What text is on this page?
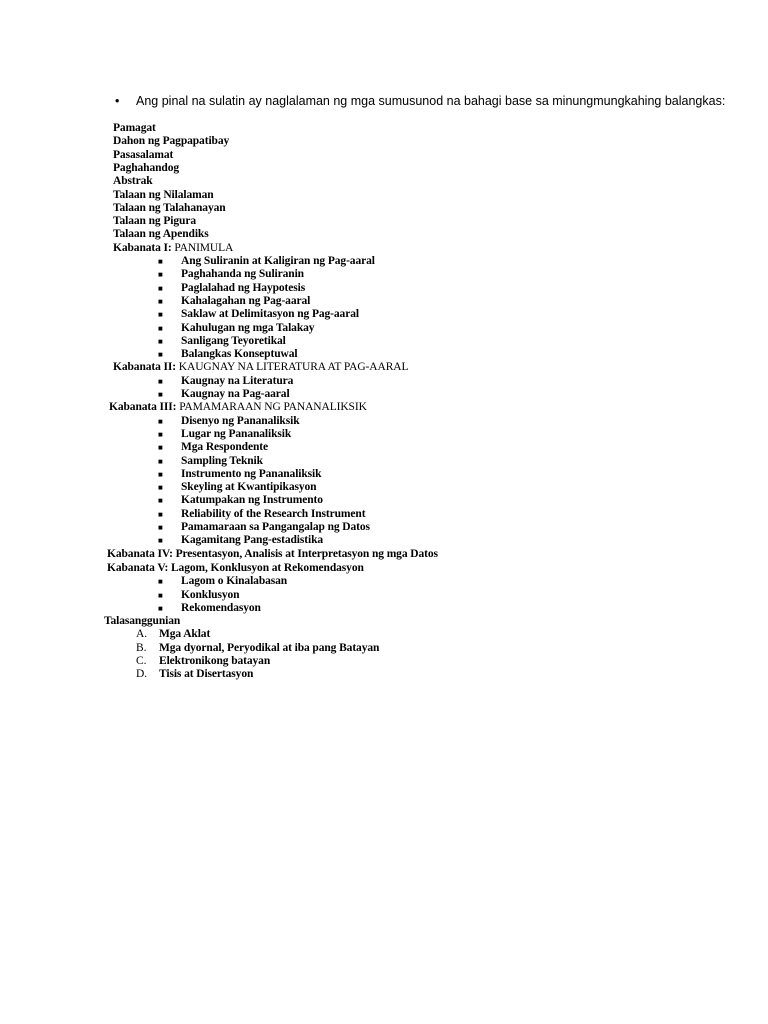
• Ang pinal na sulatin ay naglalaman ng mga sumusunod na bahagi base sa minungmungkahing balangkas:
Pamagat
Dahon ng Pagpapatibay
Pasasalamat
Paghahandog
Abstrak
Talaan ng Nilalaman
Talaan ng Talahanayan
Talaan ng Pigura
Talaan ng Apendiks
Kabanata I: PANIMULA
■ Ang Suliranin at Kaligiran ng Pag-aaral
■ Paghahanda ng Suliranin
■ Paglalahad ng Haypotesis
■ Kahalagahan ng Pag-aaral
■ Saklaw at Delimitasyon ng Pag-aaral
■ Kahulugan ng mga Talakay
■ Sanligang Teyoretikal
■ Balangkas Konseptuwal
Kabanata II: KAUGNAY NA LITERATURA AT PAG-AARAL
■ Kaugnay na Literatura
■ Kaugnay na Pag-aaral
Kabanata III: PAMAMARAAN NG PANANALIKSIK
■ Disenyo ng Pananaliksik
■ Lugar ng Pananaliksik
■ Mga Respondente
■ Sampling Teknik
■ Instrumento ng Pananaliksik
■ Skeyling at Kwantipikasyon
■ Katumpakan ng Instrumento
■ Reliability of the Research Instrument
■ Pamamaraan sa Pangangalap ng Datos
■ Kagamitang Pang-estadistika
Kabanata IV: Presentasyon, Analisis at Interpretasyon ng mga Datos
Kabanata V: Lagom, Konklusyon at Rekomendasyon
■ Lagom o Kinalabasan
■ Konklusyon
■ Rekomendasyon
Talasanggunian
A. Mga Aklat
B. Mga dyornal, Peryodikal at iba pang Batayan
C. Elektronikong batayan
D. Tisis at Disertasyon
